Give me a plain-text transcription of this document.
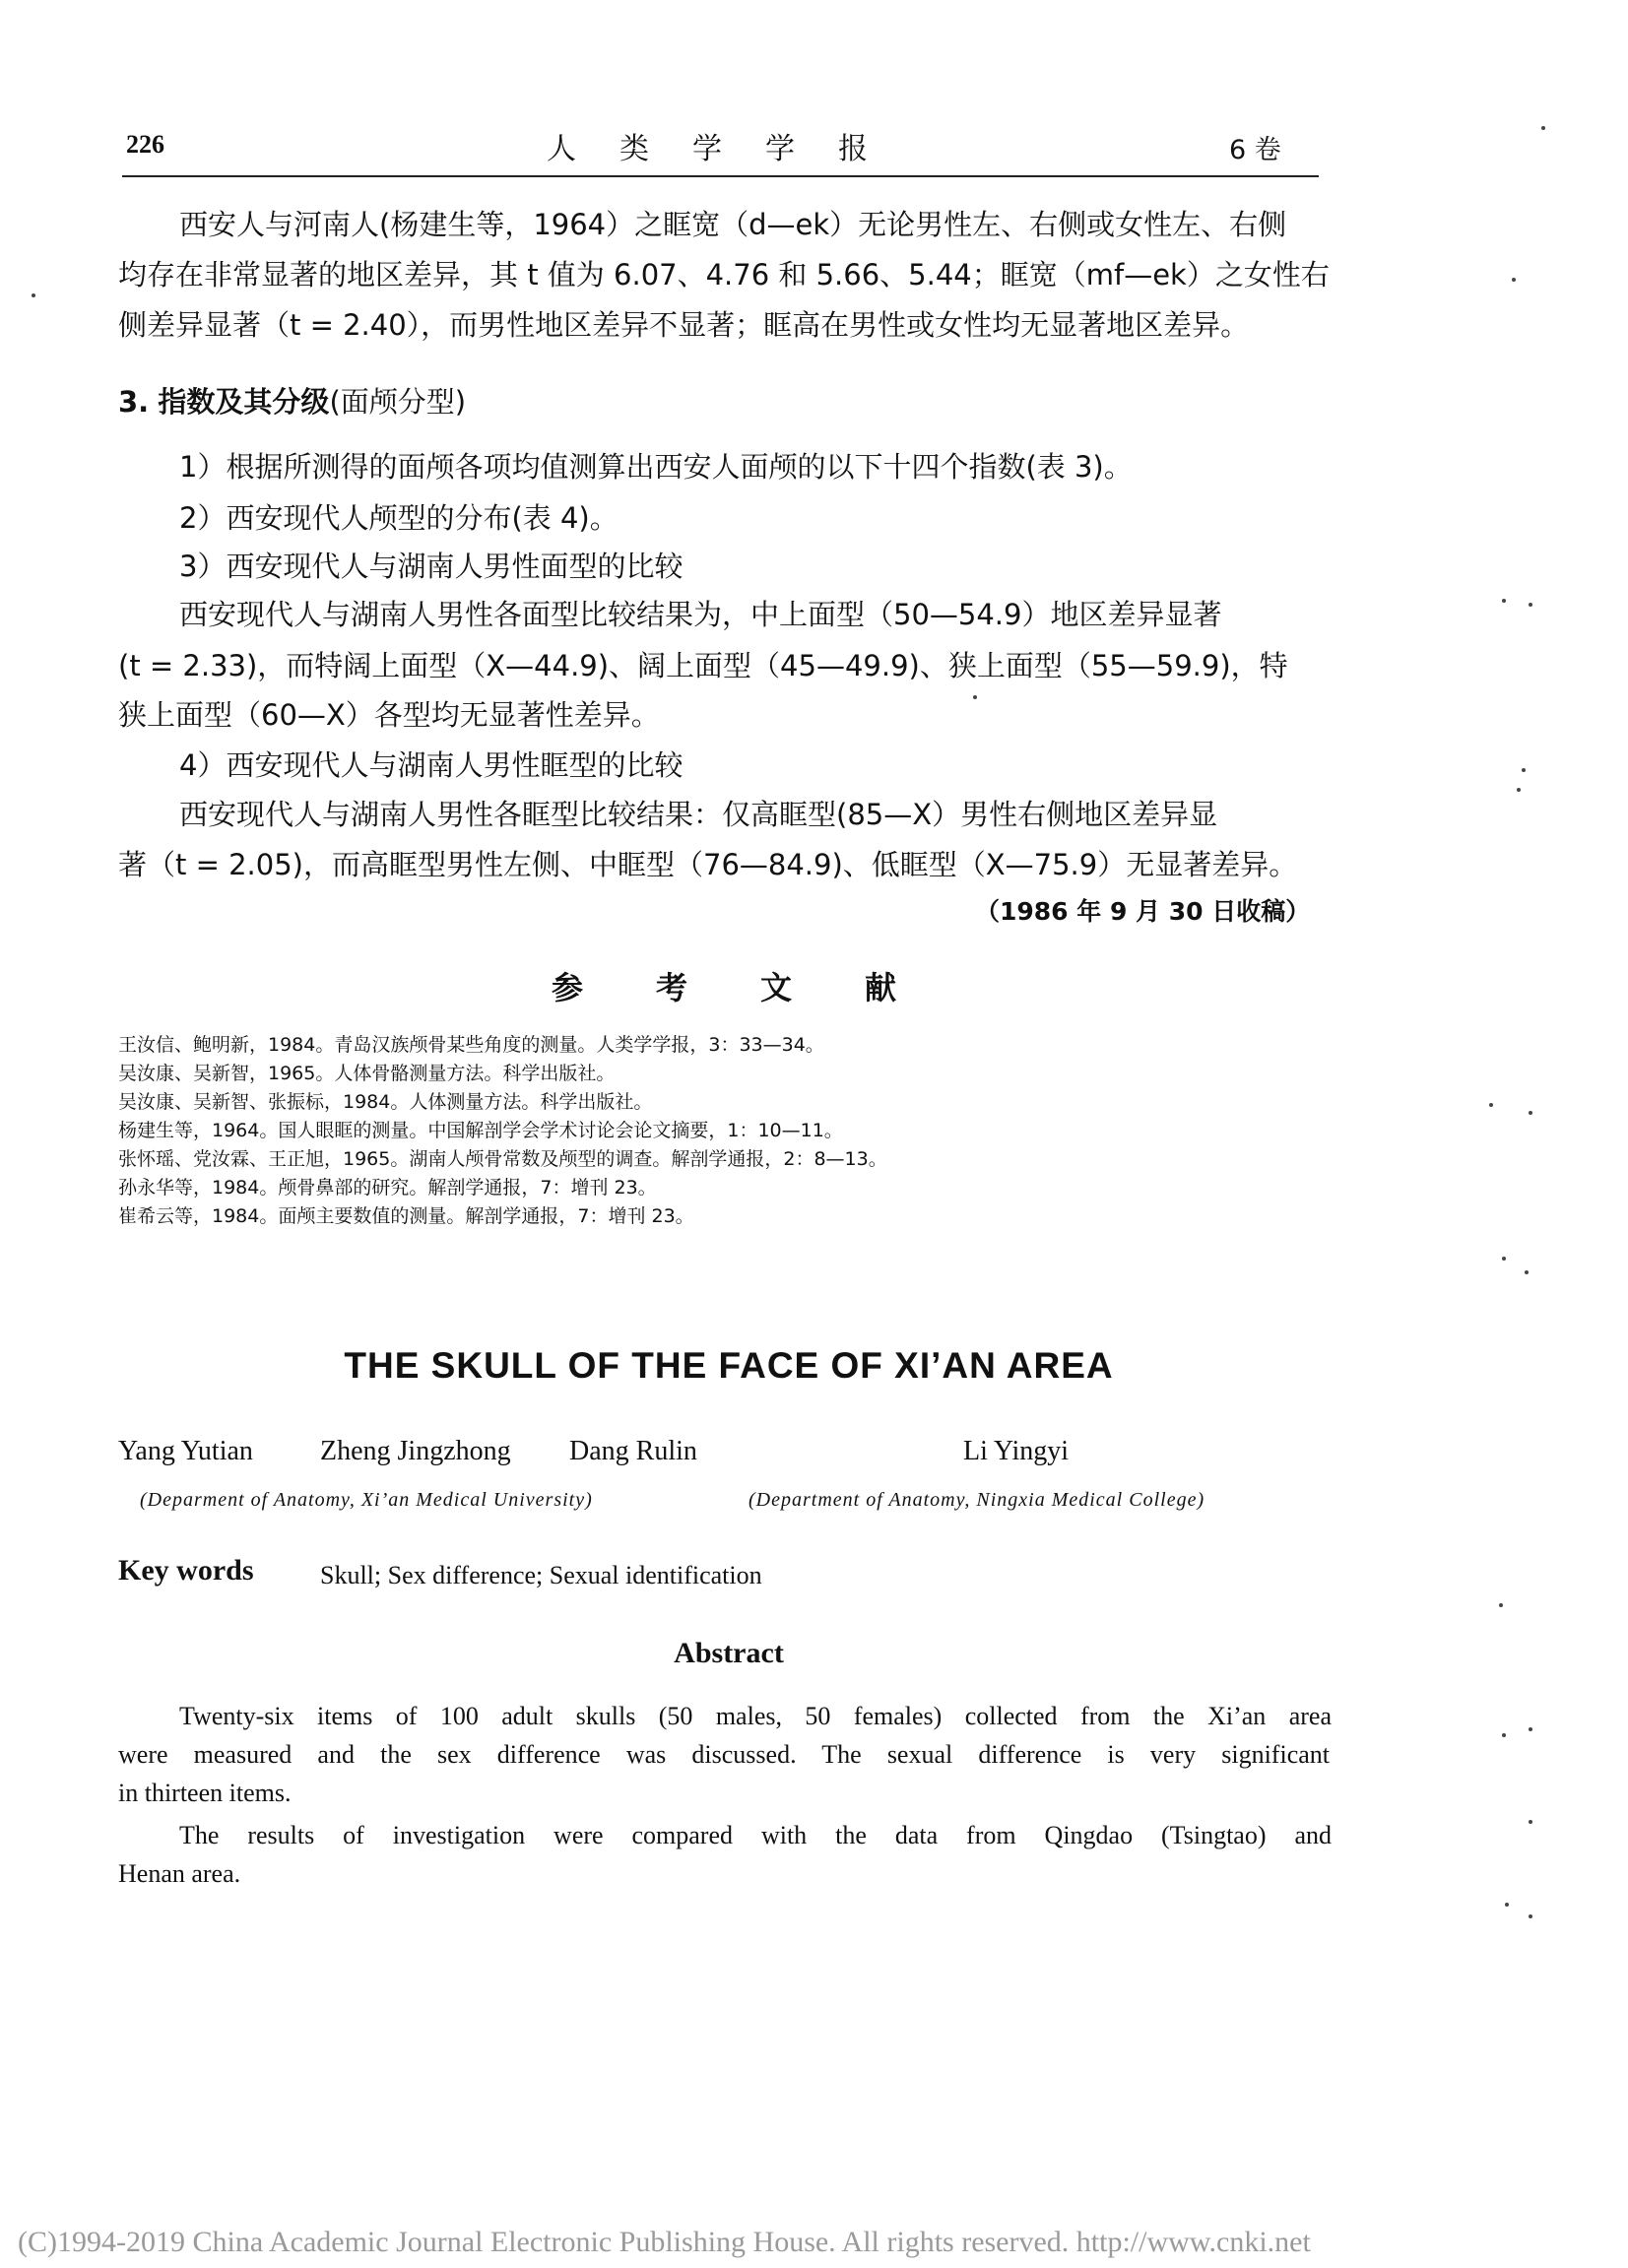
226	人类学学报	6 卷
西安人与河南人(杨建生等，1964）之眶宽（d—ek）无论男性左、右侧或女性左、右侧
均存在非常显著的地区差异，其 t 值为 6.07、4.76 和 5.66、5.44；眶宽（mf—ek）之女性右
侧差异显著（t = 2.40），而男性地区差异不显著；眶高在男性或女性均无显著地区差异。
3. 指数及其分级(面颅分型)
1）根据所测得的面颅各项均值测算出西安人面颅的以下十四个指数(表 3)。
2）西安现代人颅型的分布(表 4)。
3）西安现代人与湖南人男性面型的比较
西安现代人与湖南人男性各面型比较结果为，中上面型（50—54.9）地区差异显著
(t = 2.33)，而特阔上面型（X—44.9)、阔上面型（45—49.9)、狭上面型（55—59.9)，特
狭上面型（60—X）各型均无显著性差异。
4）西安现代人与湖南人男性眶型的比较
西安现代人与湖南人男性各眶型比较结果：仅高眶型(85—X）男性右侧地区差异显
著（t = 2.05)，而高眶型男性左侧、中眶型（76—84.9)、低眶型（X—75.9）无显著差异。
（1986 年 9 月 30 日收稿）
参考文献
王汝信、鲍明新，1984。青岛汉族颅骨某些角度的测量。人类学学报，3：33—34。
吴汝康、吴新智，1965。人体骨骼测量方法。科学出版社。
吴汝康、吴新智、张振标，1984。人体测量方法。科学出版社。
杨建生等，1964。国人眼眶的测量。中国解剖学会学术讨论会论文摘要，1：10—11。
张怀瑶、党汝霖、王正旭，1965。湖南人颅骨常数及颅型的调查。解剖学通报，2：8—13。
孙永华等，1984。颅骨鼻部的研究。解剖学通报，7：增刊 23。
崔希云等，1984。面颅主要数值的测量。解剖学通报，7：增刊 23。
THE SKULL OF THE FACE OF XI’AN AREA
Yang Yutian Zheng Jingzhong Dang Rulin	Li Yingyi
(Deparment of Anatomy, Xi’an Medical University)	(Department of Anatomy, Ningxia Medical College)
Key words	Skull; Sex difference; Sexual identification
Abstract
Twenty-six items of 100 adult skulls (50 males, 50 females) collected from the Xi’an area
were measured and the sex difference was discussed. The sexual difference is very significant
in thirteen items.
The results of investigation were compared with the data from Qingdao (Tsingtao) and
Henan area.
(C)1994-2019 China Academic Journal Electronic Publishing House. All rights reserved. http://www.cnki.net
